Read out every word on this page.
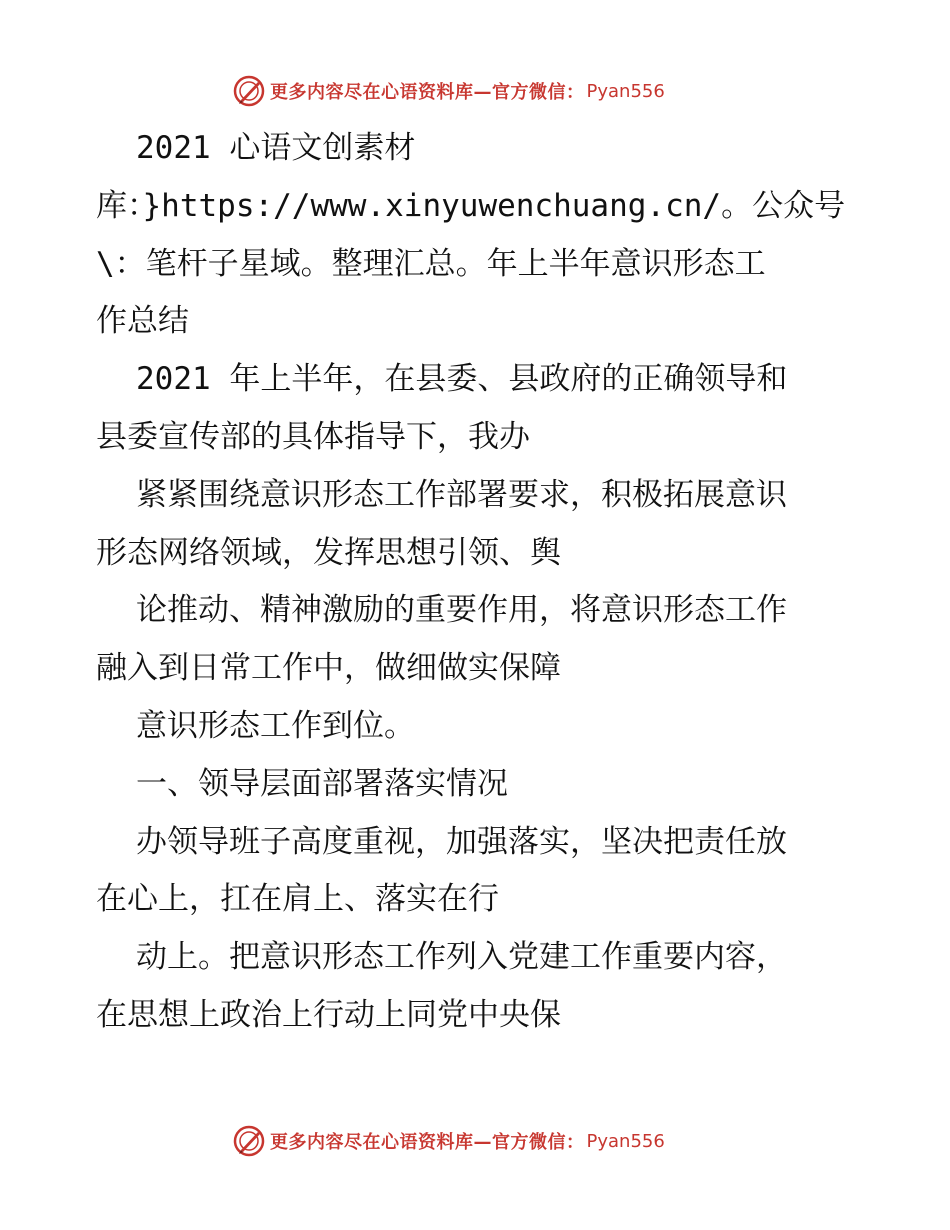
更多内容尽在心语资料库—官方微信： Pyan556
2021 心语文创素材
库：}https://www.xinyuwenchuang.cn/。公众号
\：笔杆子星域。整理汇总。年上半年意识形态工
作总结
2021 年上半年，在县委、县政府的正确领导和
县委宣传部的具体指导下，我办
紧紧围绕意识形态工作部署要求，积极拓展意识
形态网络领域，发挥思想引领、舆
论推动、精神激励的重要作用，将意识形态工作
融入到日常工作中，做细做实保障
意识形态工作到位。
一、领导层面部署落实情况
办领导班子高度重视，加强落实，坚决把责任放
在心上，扛在肩上、落实在行
动上。把意识形态工作列入党建工作重要内容，
在思想上政治上行动上同党中央保
更多内容尽在心语资料库—官方微信： Pyan556
